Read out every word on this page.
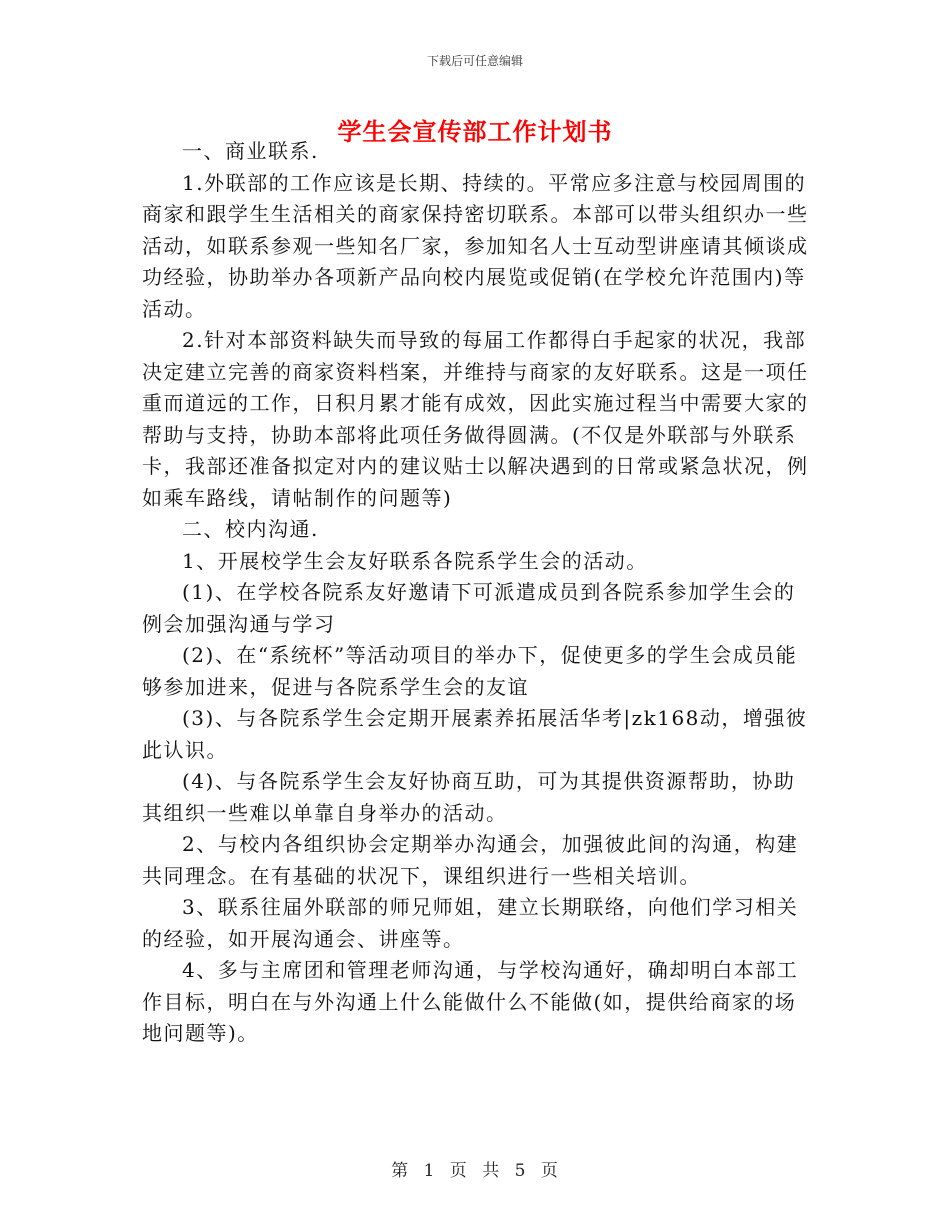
下载后可任意编辑
学生会宣传部工作计划书

一、商业联系.

1.外联部的工作应该是长期、持续的。平常应多注意与校园周围的商家和跟学生生活相关的商家保持密切联系。本部可以带头组织办一些活动，如联系参观一些知名厂家，参加知名人士互动型讲座请其倾谈成功经验，协助举办各项新产品向校内展览或促销(在学校允许范围内)等活动。

2.针对本部资料缺失而导致的每届工作都得白手起家的状况，我部决定建立完善的商家资料档案，并维持与商家的友好联系。这是一项任重而道远的工作，日积月累才能有成效，因此实施过程当中需要大家的帮助与支持，协助本部将此项任务做得圆满。(不仅是外联部与外联系卡，我部还准备拟定对内的建议贴士以解决遇到的日常或紧急状况，例如乘车路线，请帖制作的问题等)

二、校内沟通.

1、开展校学生会友好联系各院系学生会的活动。

(1)、在学校各院系友好邀请下可派遣成员到各院系参加学生会的例会加强沟通与学习

(2)、在“系统杯”等活动项目的举办下，促使更多的学生会成员能够参加进来，促进与各院系学生会的友谊

(3)、与各院系学生会定期开展素养拓展活华考|zk168动，增强彼此认识。

(4)、与各院系学生会友好协商互助，可为其提供资源帮助，协助其组织一些难以单靠自身举办的活动。

2、与校内各组织协会定期举办沟通会，加强彼此间的沟通，构建共同理念。在有基础的状况下，课组织进行一些相关培训。

3、联系往届外联部的师兄师姐，建立长期联络，向他们学习相关的经验，如开展沟通会、讲座等。

4、多与主席团和管理老师沟通，与学校沟通好，确却明白本部工作目标，明白在与外沟通上什么能做什么不能做(如，提供给商家的场地问题等)。

第 1 页 共 5 页
